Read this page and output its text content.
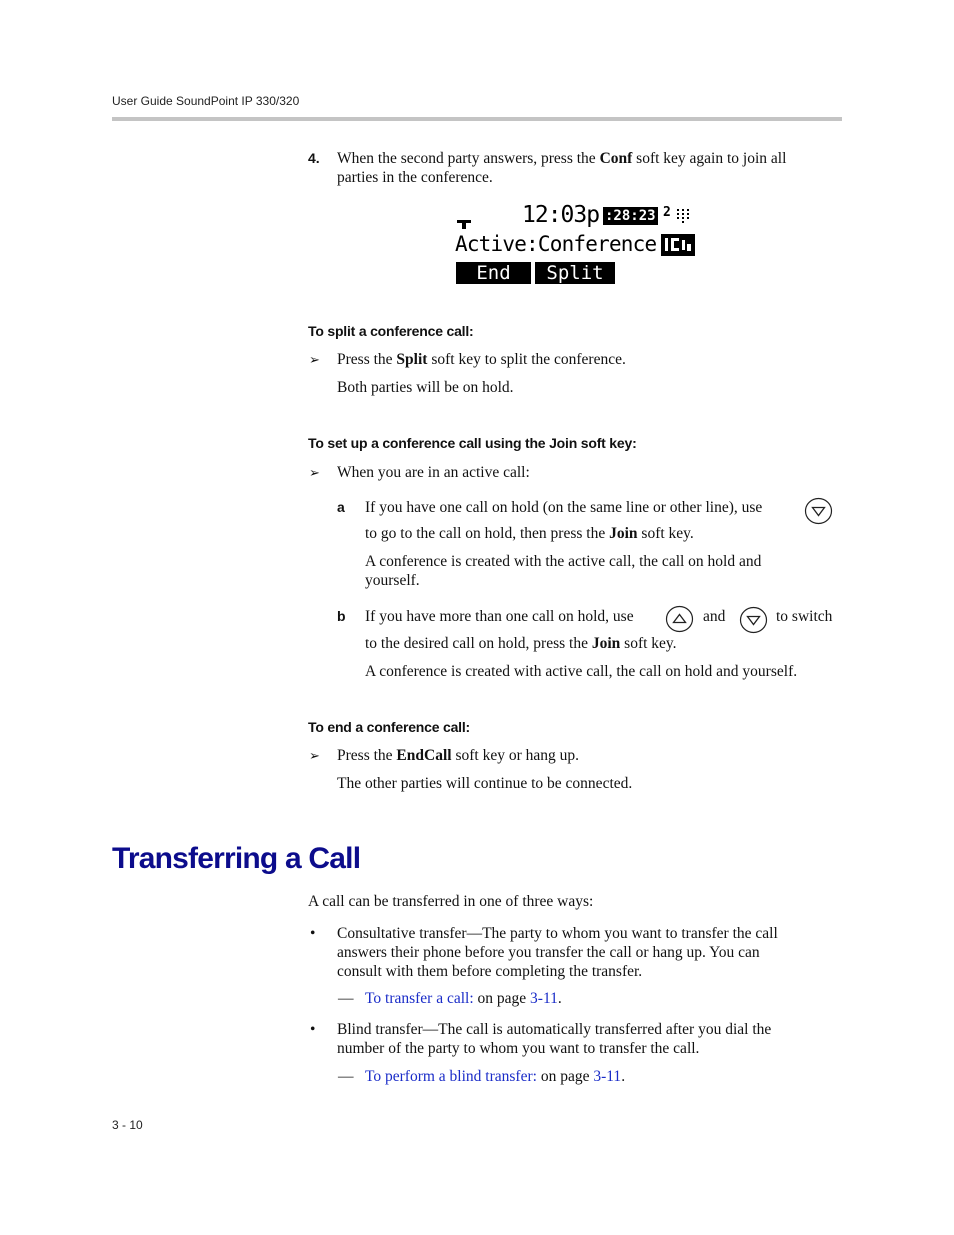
User Guide SoundPoint IP 330/320
4. When the second party answers, press the Conf soft key again to join all
parties in the conference.
12:03p :28:23 2
Active:Conference
End Call
Split
To split a conference call:
➢ Press the Split soft key to split the conference.
Both parties will be on hold.
To set up a conference call using the Join soft key:
➢ When you are in an active call:
a If you have one call on hold (on the same line or other line), use
to go to the call on hold, then press the Join soft key.
A conference is created with the active call, the call on hold and
yourself.
b If you have more than one call on hold, use	and	to switch
to the desired call on hold, press the Join soft key.
A conference is created with active call, the call on hold and yourself.
To end a conference call:
➢ Press the EndCall soft key or hang up.
The other parties will continue to be connected.
Transferring a Call
A call can be transferred in one of three ways:
• Consultative transfer—The party to whom you want to transfer the call
answers their phone before you transfer the call or hang up. You can
consult with them before completing the transfer.
— To transfer a call: on page 3-11.
• Blind transfer—The call is automatically transferred after you dial the
number of the party to whom you want to transfer the call.
— To perform a blind transfer: on page 3-11.
3 - 10
